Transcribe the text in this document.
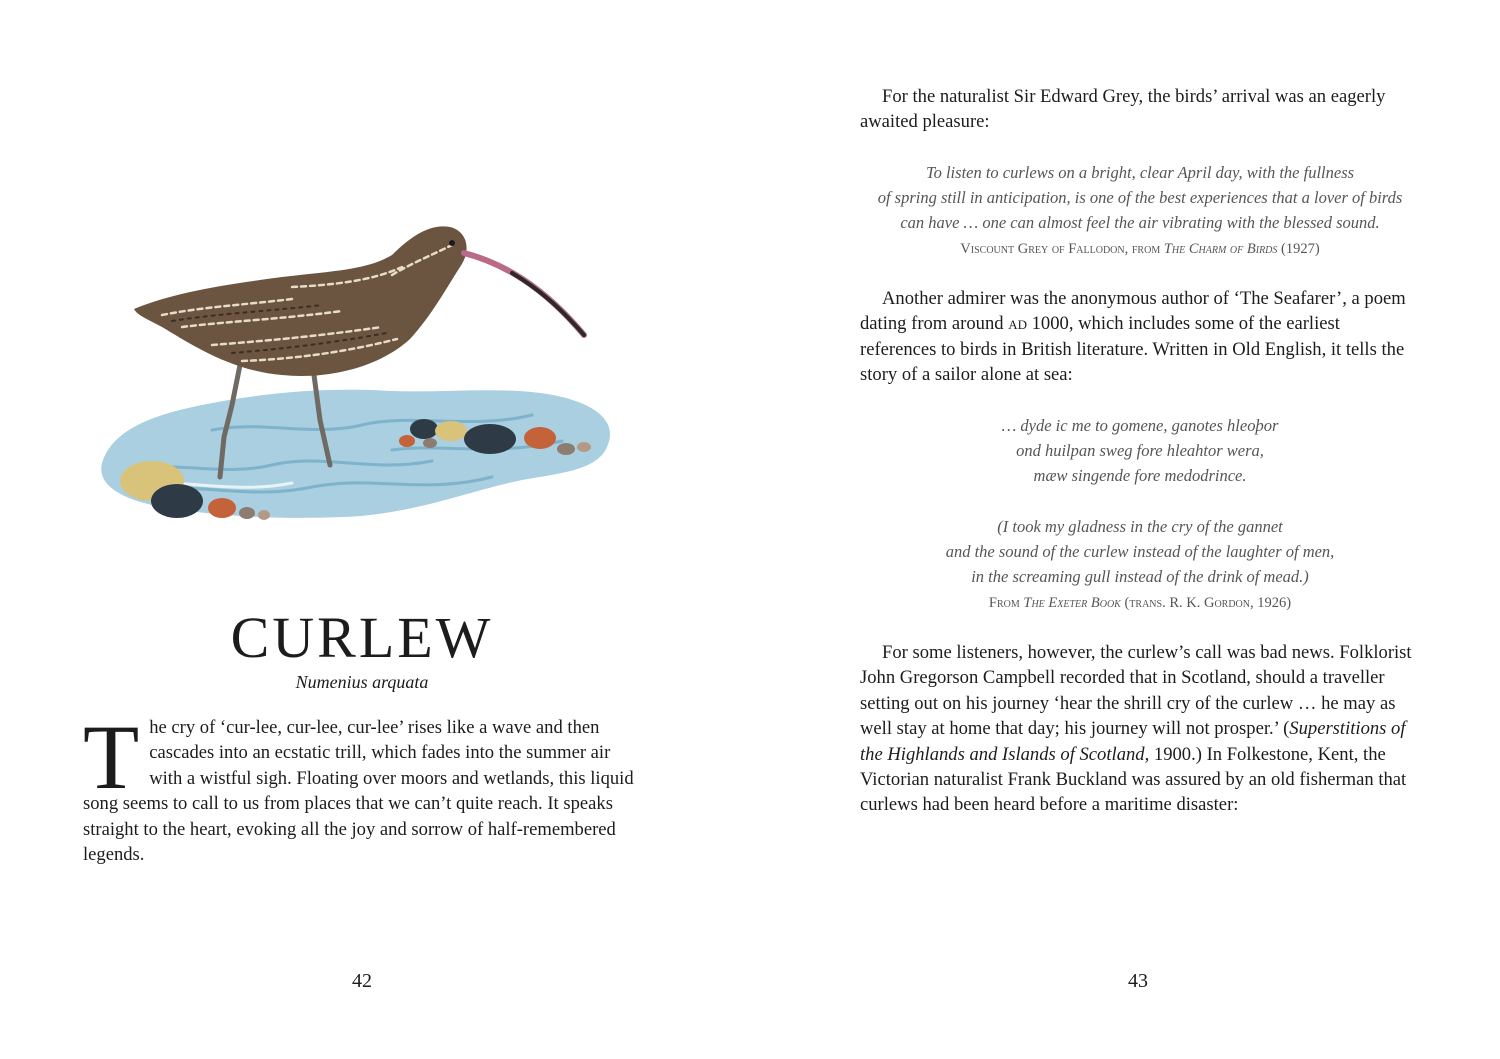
CURLEW
Numenius arquata

The cry of ‘cur-lee, cur-lee, cur-lee’ rises like a wave and then cascades into an ecstatic trill, which fades into the summer air with a wistful sigh. Floating over moors and wetlands, this liquid song seems to call to us from places that we can’t quite reach. It speaks straight to the heart, evoking all the joy and sorrow of half-remembered legends.

42

For the naturalist Sir Edward Grey, the birds’ arrival was an eagerly awaited pleasure:

To listen to curlews on a bright, clear April day, with the fullness
of spring still in anticipation, is one of the best experiences that a lover of birds
can have … one can almost feel the air vibrating with the blessed sound.

Viscount Grey of Fallodon, from The Charm of Birds (1927)

Another admirer was the anonymous author of ‘The Seafarer’, a poem dating from around ad 1000, which includes some of the earliest references to birds in British literature. Written in Old English, it tells the story of a sailor alone at sea:

… dyde ic me to gomene, ganotes hleoþor
ond huilpan sweg fore hleahtor wera,
mæw singende fore medodrince.

(I took my gladness in the cry of the gannet
and the sound of the curlew instead of the laughter of men,
in the screaming gull instead of the drink of mead.)

From The Exeter Book (trans. R. K. Gordon, 1926)

For some listeners, however, the curlew’s call was bad news. Folklorist John Gregorson Campbell recorded that in Scotland, should a traveller setting out on his journey ‘hear the shrill cry of the curlew … he may as well stay at home that day; his journey will not prosper.’ (Superstitions of the Highlands and Islands of Scotland, 1900.) In Folkestone, Kent, the Victorian naturalist Frank Buckland was assured by an old fisherman that curlews had been heard before a maritime disaster:

43
